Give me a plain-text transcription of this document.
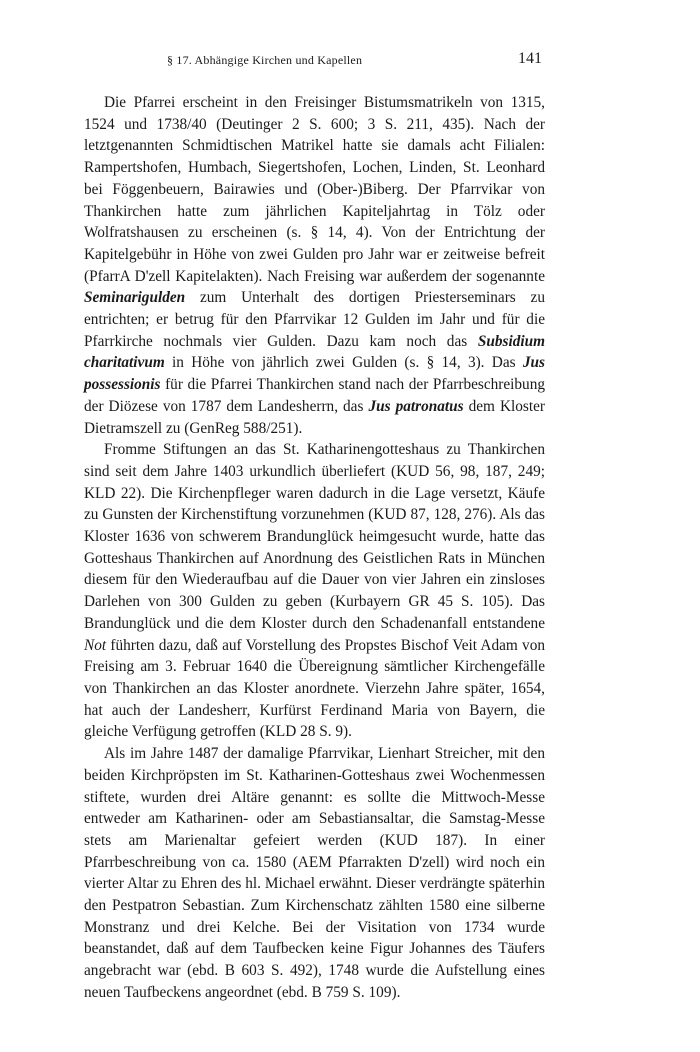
§ 17. Abhängige Kirchen und Kapellen	141

Die Pfarrei erscheint in den Freisinger Bistumsmatrikeln von 1315, 1524 und 1738/40 (Deutinger 2 S. 600; 3 S. 211, 435). Nach der letztgenannten Schmidtischen Matrikel hatte sie damals acht Filialen: Rampertshofen, Humbach, Siegertshofen, Lochen, Linden, St. Leonhard bei Föggenbeuern, Bairawies und (Ober-)Biberg. Der Pfarrvikar von Thankirchen hatte zum jährlichen Kapiteljahrtag in Tölz oder Wolfratshausen zu erscheinen (s. § 14, 4). Von der Entrichtung der Kapitelgebühr in Höhe von zwei Gulden pro Jahr war er zeitweise befreit (PfarrA D'zell Kapitelakten). Nach Freising war außerdem der sogenannte Seminarigulden zum Unterhalt des dortigen Priesterseminars zu entrichten; er betrug für den Pfarrvikar 12 Gulden im Jahr und für die Pfarrkirche nochmals vier Gulden. Dazu kam noch das Subsidium charitativum in Höhe von jährlich zwei Gulden (s. § 14, 3). Das Jus possessionis für die Pfarrei Thankirchen stand nach der Pfarrbeschreibung der Diözese von 1787 dem Landesherrn, das Jus patronatus dem Kloster Dietramszell zu (GenReg 588/251).

Fromme Stiftungen an das St. Katharinengotteshaus zu Thankirchen sind seit dem Jahre 1403 urkundlich überliefert (KUD 56, 98, 187, 249; KLD 22). Die Kirchenpfleger waren dadurch in die Lage versetzt, Käufe zu Gunsten der Kirchenstiftung vorzunehmen (KUD 87, 128, 276). Als das Kloster 1636 von schwerem Brandunglück heimgesucht wurde, hatte das Gotteshaus Thankirchen auf Anordnung des Geistlichen Rats in München diesem für den Wiederaufbau auf die Dauer von vier Jahren ein zinsloses Darlehen von 300 Gulden zu geben (Kurbayern GR 45 S. 105). Das Brandunglück und die dem Kloster durch den Schadenanfall entstandene Not führten dazu, daß auf Vorstellung des Propstes Bischof Veit Adam von Freising am 3. Februar 1640 die Übereignung sämtlicher Kirchengefälle von Thankirchen an das Kloster anordnete. Vierzehn Jahre später, 1654, hat auch der Landesherr, Kurfürst Ferdinand Maria von Bayern, die gleiche Verfügung getroffen (KLD 28 S. 9).

Als im Jahre 1487 der damalige Pfarrvikar, Lienhart Streicher, mit den beiden Kirchpröpsten im St. Katharinen-Gotteshaus zwei Wochenmessen stiftete, wurden drei Altäre genannt: es sollte die Mittwoch-Messe entweder am Katharinen- oder am Sebastiansaltar, die Samstag-Messe stets am Marienaltar gefeiert werden (KUD 187). In einer Pfarrbeschreibung von ca. 1580 (AEM Pfarrakten D'zell) wird noch ein vierter Altar zu Ehren des hl. Michael erwähnt. Dieser verdrängte späterhin den Pestpatron Sebastian. Zum Kirchenschatz zählten 1580 eine silberne Monstranz und drei Kelche. Bei der Visitation von 1734 wurde beanstandet, daß auf dem Taufbecken keine Figur Johannes des Täufers angebracht war (ebd. B 603 S. 492), 1748 wurde die Aufstellung eines neuen Taufbeckens angeordnet (ebd. B 759 S. 109).
